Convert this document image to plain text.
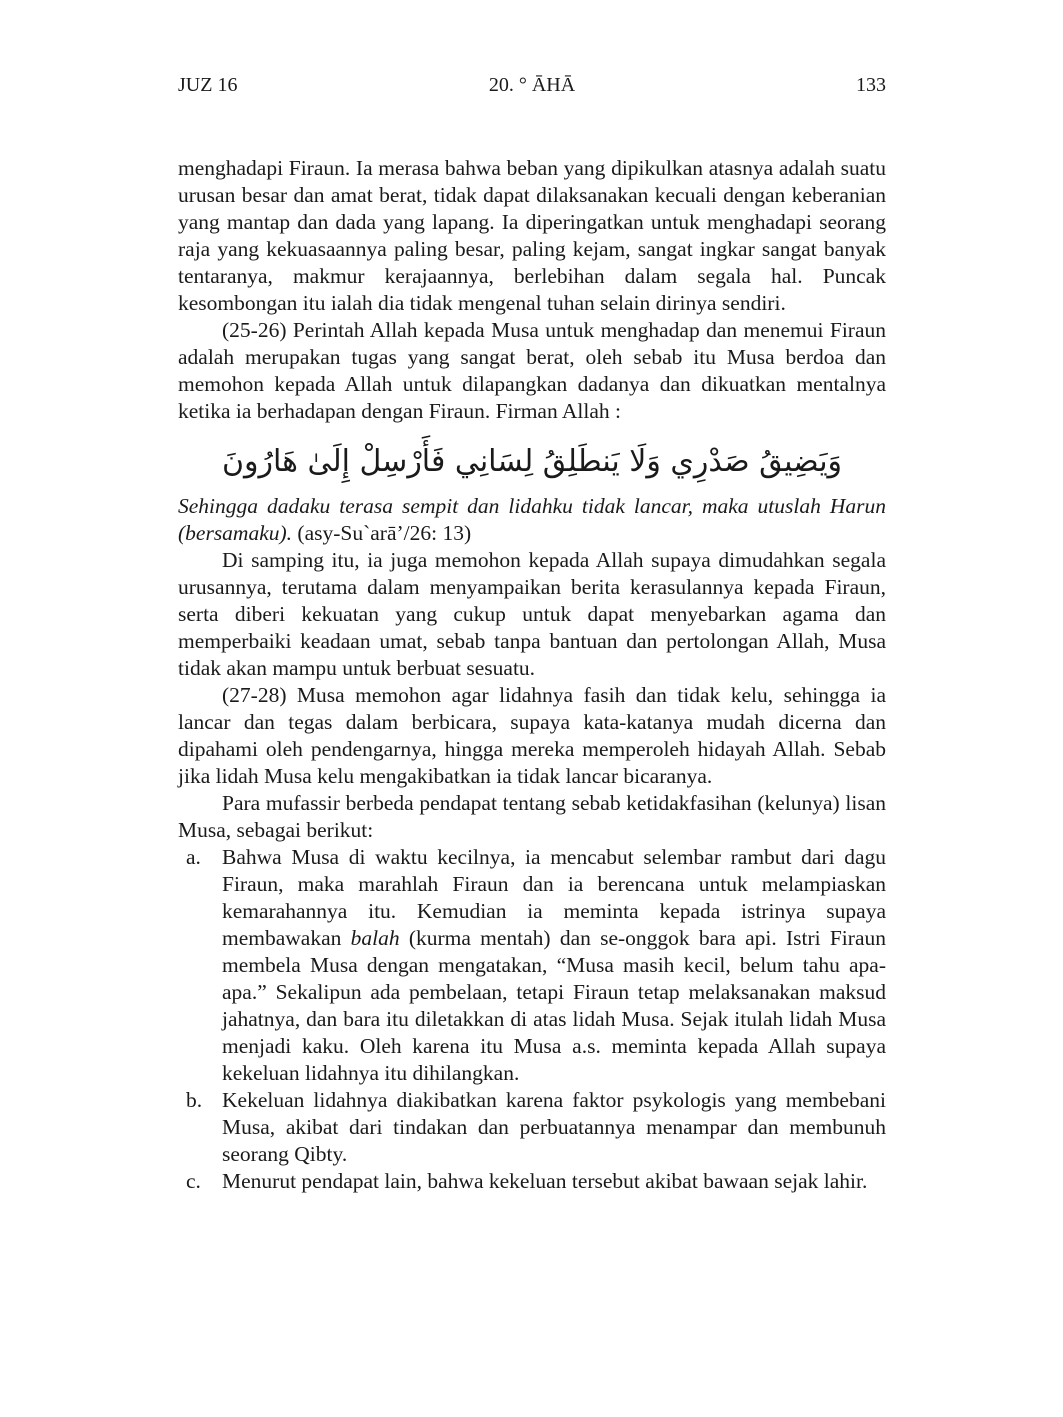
JUZ 16	20. ° ĀHĀ	133

menghadapi Firaun. Ia merasa bahwa beban yang dipikulkan atasnya adalah suatu urusan besar dan amat berat, tidak dapat dilaksanakan kecuali dengan keberanian yang mantap dan dada yang lapang. Ia diperingatkan untuk menghadapi seorang raja yang kekuasaannya paling besar, paling kejam, sangat ingkar sangat banyak tentaranya, makmur kerajaannya, berlebihan dalam segala hal. Puncak kesombongan itu ialah dia tidak mengenal tuhan selain dirinya sendiri.

(25-26) Perintah Allah kepada Musa untuk menghadap dan menemui Firaun adalah merupakan tugas yang sangat berat, oleh sebab itu Musa berdoa dan memohon kepada Allah untuk dilapangkan dadanya dan dikuatkan mentalnya ketika ia berhadapan dengan Firaun. Firman Allah :

وَيَضِيقُ صَدْرِي وَلَا يَنطَلِقُ لِسَانِي فَأَرْسِلْ إِلَىٰ هَارُونَ

Sehingga dadaku terasa sempit dan lidahku tidak lancar, maka utuslah Harun (bersamaku). (asy-Su`arā’/26: 13)

Di samping itu, ia juga memohon kepada Allah supaya dimudahkan segala urusannya, terutama dalam menyampaikan berita kerasulannya kepada Firaun, serta diberi kekuatan yang cukup untuk dapat menyebarkan agama dan memperbaiki keadaan umat, sebab tanpa bantuan dan pertolongan Allah, Musa tidak akan mampu untuk berbuat sesuatu.

(27-28) Musa memohon agar lidahnya fasih dan tidak kelu, sehingga ia lancar dan tegas dalam berbicara, supaya kata-katanya mudah dicerna dan dipahami oleh pendengarnya, hingga mereka memperoleh hidayah Allah. Sebab jika lidah Musa kelu mengakibatkan ia tidak lancar bicaranya.

Para mufassir berbeda pendapat tentang sebab ketidakfasihan (kelunya) lisan Musa, sebagai berikut:

a. Bahwa Musa di waktu kecilnya, ia mencabut selembar rambut dari dagu Firaun, maka marahlah Firaun dan ia berencana untuk melampiaskan kemarahannya itu. Kemudian ia meminta kepada istrinya supaya membawakan balah (kurma mentah) dan se-onggok bara api. Istri Firaun membela Musa dengan mengatakan, “Musa masih kecil, belum tahu apa-apa.” Sekalipun ada pembelaan, tetapi Firaun tetap melaksanakan maksud jahatnya, dan bara itu diletakkan di atas lidah Musa. Sejak itulah lidah Musa menjadi kaku. Oleh karena itu Musa a.s. meminta kepada Allah supaya kekeluan lidahnya itu dihilangkan.
b. Kekeluan lidahnya diakibatkan karena faktor psykologis yang membebani Musa, akibat dari tindakan dan perbuatannya menampar dan membunuh seorang Qibty.
c. Menurut pendapat lain, bahwa kekeluan tersebut akibat bawaan sejak lahir.
